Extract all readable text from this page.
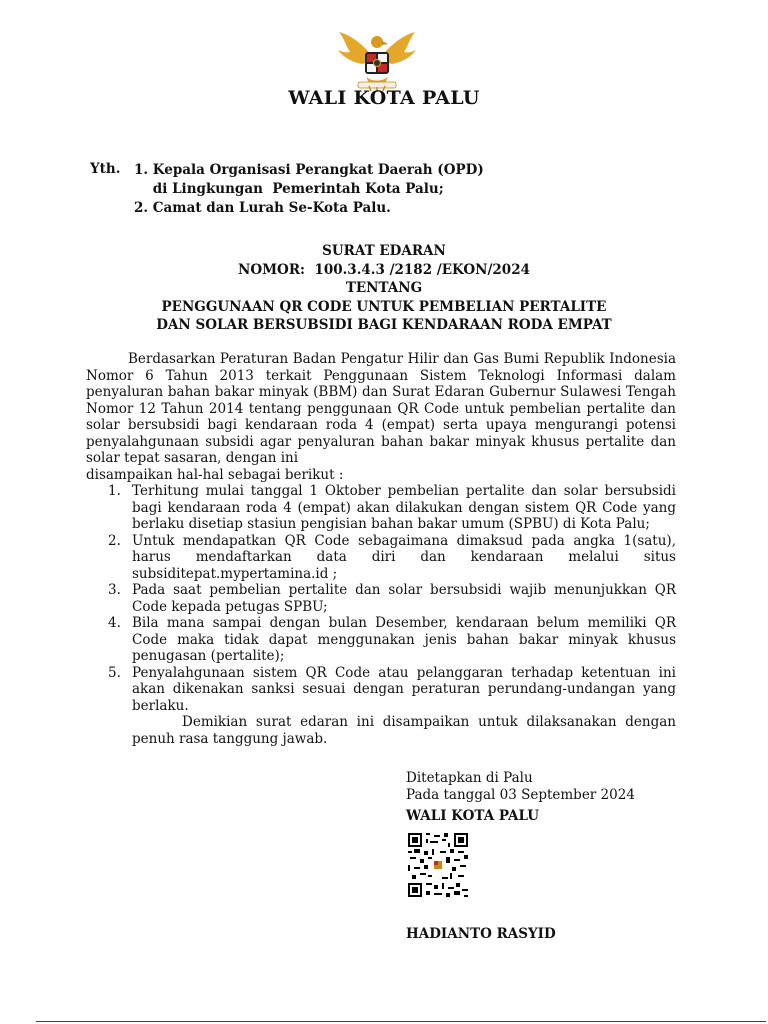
WALI KOTA PALU
Yth. 1. Kepala Organisasi Perangkat Daerah (OPD)
di Lingkungan  Pemerintah Kota Palu;
2. Camat dan Lurah Se-Kota Palu.
SURAT EDARAN
NOMOR:  100.3.4.3 /2182 /EKON/2024
TENTANG
PENGGUNAAN QR CODE UNTUK PEMBELIAN PERTALITE
DAN SOLAR BERSUBSIDI BAGI KENDARAAN RODA EMPAT

Berdasarkan Peraturan Badan Pengatur Hilir dan Gas Bumi Republik Indonesia Nomor 6 Tahun 2013 terkait Penggunaan Sistem Teknologi Informasi dalam penyaluran bahan bakar minyak (BBM) dan Surat Edaran Gubernur Sulawesi Tengah Nomor 12 Tahun 2014 tentang penggunaan QR Code untuk pembelian pertalite dan solar bersubsidi bagi kendaraan roda 4 (empat) serta upaya mengurangi potensi penyalahgunaan subsidi agar penyaluran bahan bakar minyak khusus pertalite dan solar tepat sasaran, dengan ini

disampaikan hal-hal sebagai berikut :

1. Terhitung mulai tanggal 1 Oktober pembelian pertalite dan solar bersubsidi bagi kendaraan roda 4 (empat) akan dilakukan dengan sistem QR Code yang berlaku disetiap stasiun pengisian bahan bakar umum (SPBU) di Kota Palu;
2. Untuk mendapatkan QR Code sebagaimana dimaksud pada angka 1(satu), harus mendaftarkan data diri dan kendaraan melalui situs subsiditepat.mypertamina.id ;
3. Pada saat pembelian pertalite dan solar bersubsidi wajib menunjukkan QR Code kepada petugas SPBU;
4. Bila mana sampai dengan bulan Desember, kendaraan belum memiliki QR Code maka tidak dapat menggunakan jenis bahan bakar minyak khusus penugasan (pertalite);
5. Penyalahgunaan sistem QR Code atau pelanggaran terhadap ketentuan ini akan dikenakan sanksi sesuai dengan peraturan perundang-undangan yang berlaku.

Demikian surat edaran ini disampaikan untuk dilaksanakan dengan penuh rasa tanggung jawab.

Ditetapkan di Palu
Pada tanggal 03 September 2024
WALI KOTA PALU
HADIANTO RASYID
